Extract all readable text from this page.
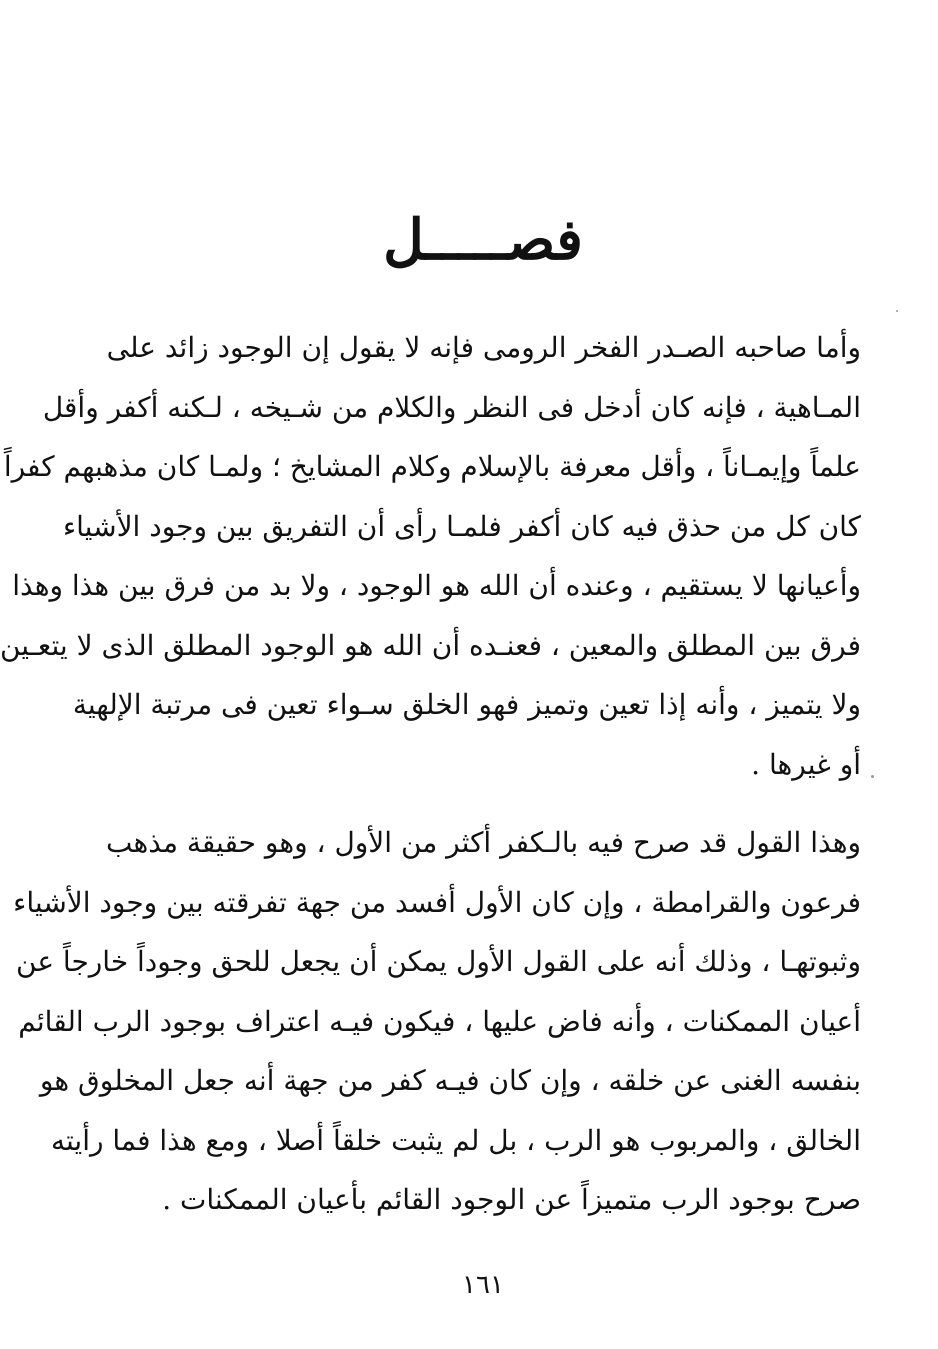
فصـــــل

وأما صاحبه الصـدر الفخر الرومى فإنه لا يقول إن الوجود زائد على
المـاهية ، فإنه كان أدخل فى النظر والكلام من شـيخه ، لـكنه أكفر وأقل
علماً وإيمـاناً ، وأقل معرفة بالإسلام وكلام المشايخ ؛ ولمـا كان مذهبهم كفراً
كان كل من حذق فيه كان أكفر فلمـا رأى أن التفريق بين وجود الأشياء
وأعيانها لا يستقيم ، وعنده أن الله هو الوجود ، ولا بد من فرق بين هذا وهذا
فرق بين المطلق والمعين ، فعنـده أن الله هو الوجود المطلق الذى لا يتعـين
ولا يتميز ، وأنه إذا تعين وتميز فهو الخلق سـواء تعين فى مرتبة الإلهية
أو غيرها .

وهذا القول قد صرح فيه بالـكفر أكثر من الأول ، وهو حقيقة مذهب
فرعون والقرامطة ، وإن كان الأول أفسد من جهة تفرقته بين وجود الأشياء
وثبوتهـا ، وذلك أنه على القول الأول يمكن أن يجعل للحق وجوداً خارجاً عن
أعيان الممكنات ، وأنه فاض عليها ، فيكون فيـه اعتراف بوجود الرب القائم
بنفسه الغنى عن خلقه ، وإن كان فيـه كفر من جهة أنه جعل المخلوق هو
الخالق ، والمربوب هو الرب ، بل لم يثبت خلقاً أصلا ، ومع هذا فما رأيته
صرح بوجود الرب متميزاً عن الوجود القائم بأعيان الممكنات .

١٦١
